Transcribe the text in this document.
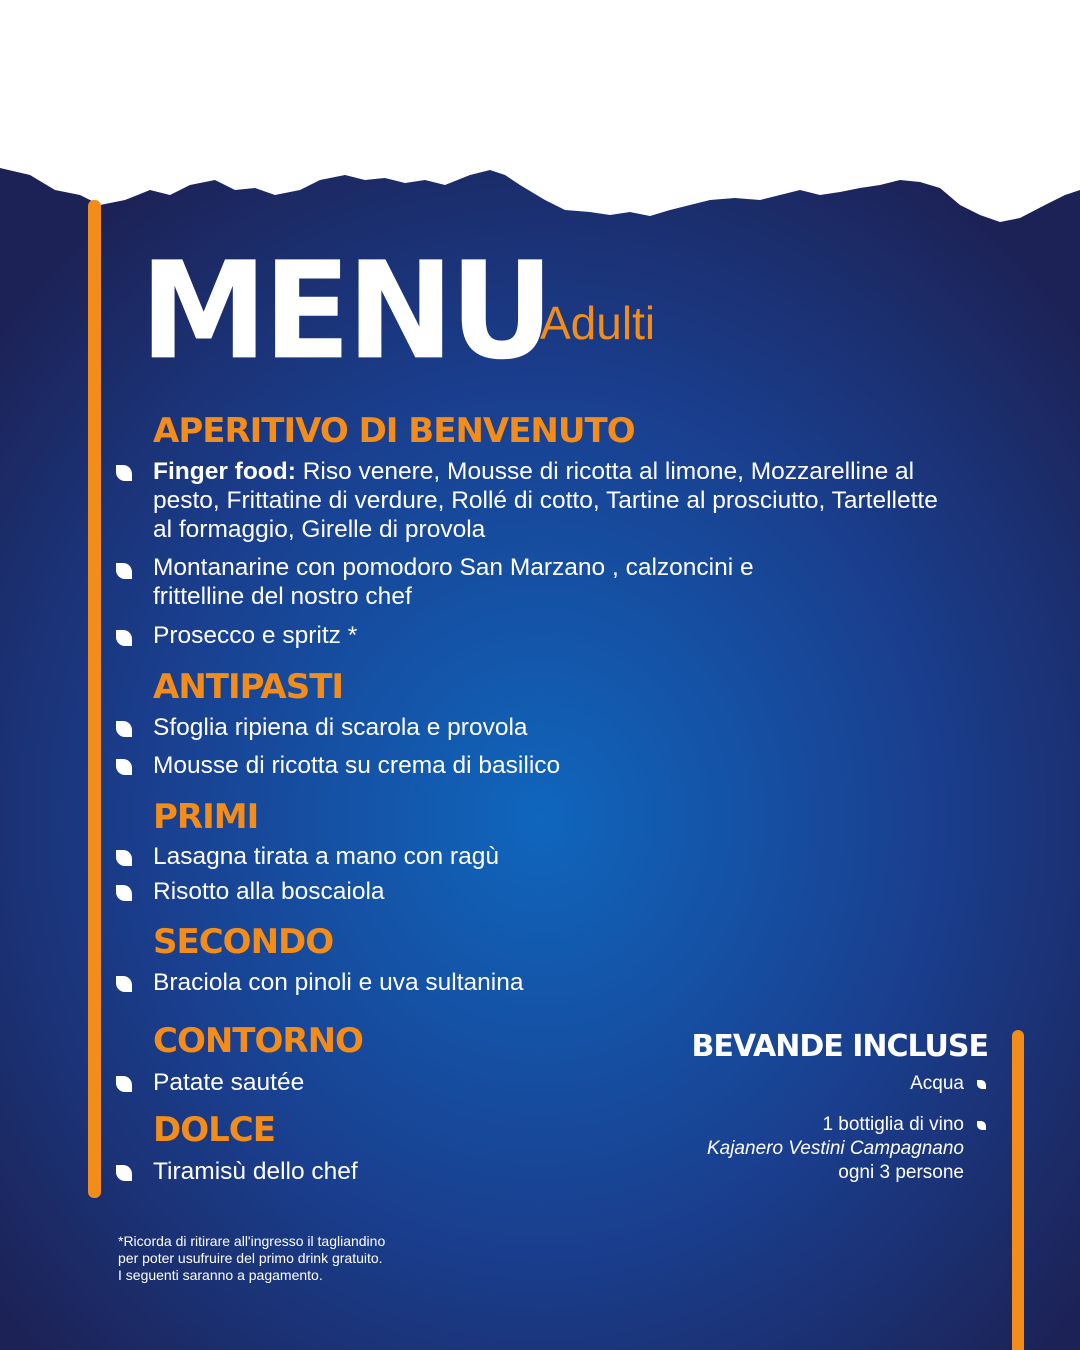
MENU
Adulti
APERITIVO DI BENVENUTO
Finger food: Riso venere, Mousse di ricotta al limone, Mozzarelline al pesto, Frittatine di verdure, Rollé di cotto, Tartine al prosciutto, Tartellette al formaggio, Girelle di provola
Montanarine con pomodoro San Marzano , calzoncini e frittelline del nostro chef
Prosecco e spritz *
ANTIPASTI
Sfoglia ripiena di scarola e provola
Mousse di ricotta su crema di basilico
PRIMI
Lasagna tirata a mano con ragù
Risotto alla boscaiola
SECONDO
Braciola con pinoli e uva sultanina
CONTORNO
Patate sautée
DOLCE
Tiramisù dello chef
BEVANDE INCLUSE
Acqua
1 bottiglia di vino
Kajanero Vestini Campagnano
ogni 3 persone
*Ricorda di ritirare all'ingresso il tagliandino
per poter usufruire del primo drink gratuito.
I seguenti saranno a pagamento.
